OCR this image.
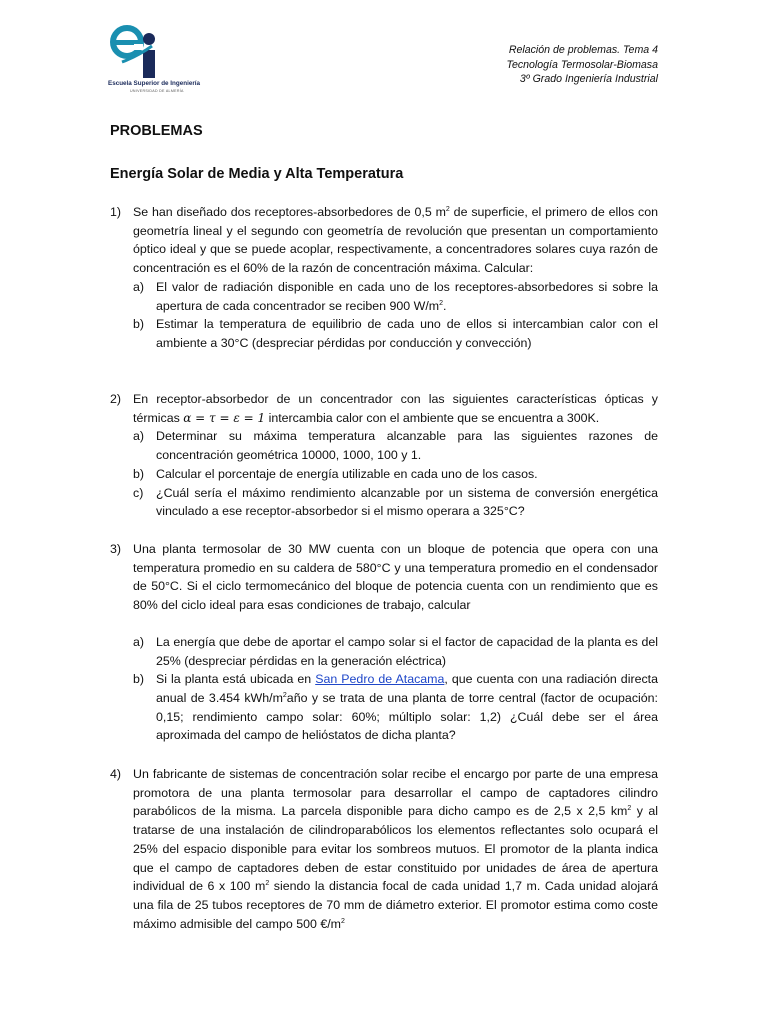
Escuela Superior de Ingeniería
UNIVERSIDAD DE ALMERÍA
Relación de problemas. Tema 4
Tecnología Termosolar-Biomasa
3º Grado Ingeniería Industrial
PROBLEMAS
Energía Solar de Media y Alta Temperatura
1) Se han diseñado dos receptores-absorbedores de 0,5 $m^2$ de superficie, el primero de ellos con geometría lineal y el segundo con geometría de revolución que presentan un comportamiento óptico ideal y que se puede acoplar, respectivamente, a concentradores solares cuya razón de concentración es el 60% de la razón de concentración máxima. Calcular:
a) El valor de radiación disponible en cada uno de los receptores-absorbedores si sobre la apertura de cada concentrador se reciben 900 $W/m^2$.
b) Estimar la temperatura de equilibrio de cada uno de ellos si intercambian calor con el ambiente a 30°C (despreciar pérdidas por conducción y convección)
2) En receptor-absorbedor de un concentrador con las siguientes características ópticas y térmicas α = τ = ε = 1 intercambia calor con el ambiente que se encuentra a 300K.
a) Determinar su máxima temperatura alcanzable para las siguientes razones de concentración geométrica 10000, 1000, 100 y 1.
b) Calcular el porcentaje de energía utilizable en cada uno de los casos.
c) ¿Cuál sería el máximo rendimiento alcanzable por un sistema de conversión energética vinculado a ese receptor-absorbedor si el mismo operara a 325°C?
3) Una planta termosolar de 30 MW cuenta con un bloque de potencia que opera con una temperatura promedio en su caldera de 580°C y una temperatura promedio en el condensador de 50°C. Si el ciclo termomecánico del bloque de potencia cuenta con un rendimiento que es 80% del ciclo ideal para esas condiciones de trabajo, calcular
a) La energía que debe de aportar el campo solar si el factor de capacidad de la planta es del 25% (despreciar pérdidas en la generación eléctrica)
b) Si la planta está ubicada en San Pedro de Atacama, que cuenta con una radiación directa anual de 3.454 kWh/$m^2año$ y se trata de una planta de torre central (factor de ocupación: 0,15; rendimiento campo solar: 60%; múltiplo solar: 1,2) ¿Cuál debe ser el área aproximada del campo de heliόstatos de dicha planta?
4) Un fabricante de sistemas de concentración solar recibe el encargo por parte de una empresa promotora de una planta termosolar para desarrollar el campo de captadores cilindro parabólicos de la misma. La parcela disponible para dicho campo es de 2,5 x 2,5 $km^2$ y al tratarse de una instalación de cilindroparabólicos los elementos reflectantes solo ocupará el 25% del espacio disponible para evitar los sombreos mutuos. El promotor de la planta indica que el campo de captadores deben de estar constituido por unidades de área de apertura individual de 6 x 100 $m^2$ siendo la distancia focal de cada unidad 1,7 m. Cada unidad alojará una fila de 25 tubos receptores de 70 mm de diámetro exterior. El promotor estima como coste máximo admisible del campo 500 $€/m^2$
